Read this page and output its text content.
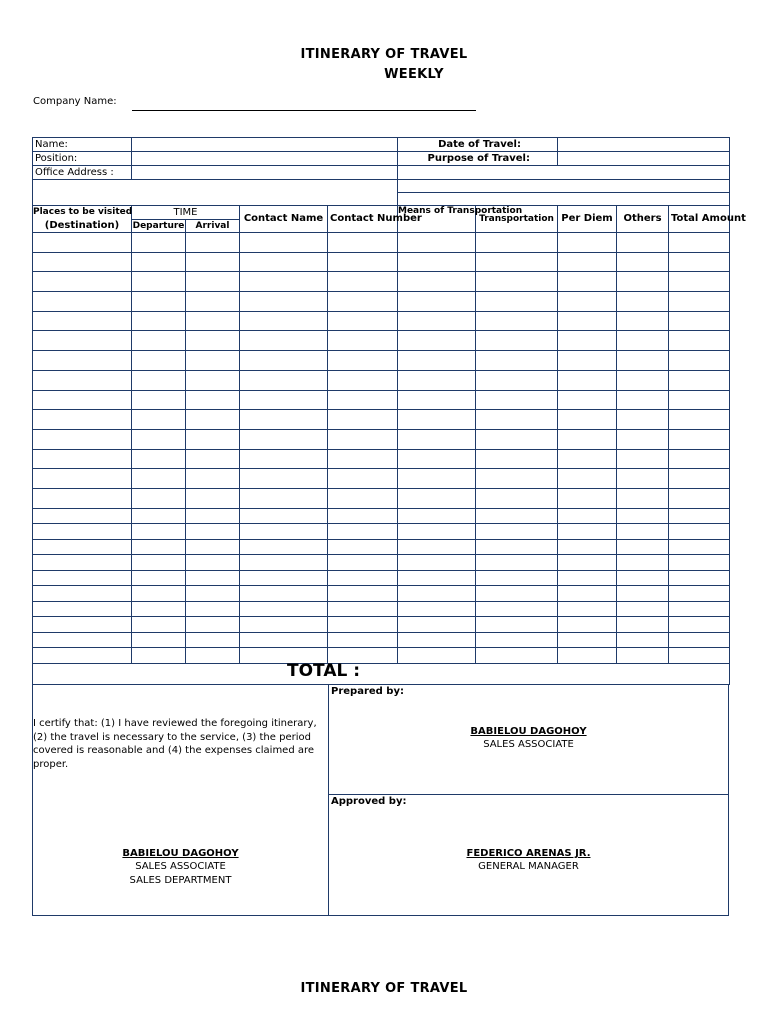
ITINERARY OF TRAVEL
WEEKLY
Company Name:
Name:					Date of Travel:				
Position:					Purpose of Travel:				
Office Address :									

Places to be visited
(Destination)	TIME		Contact Name	Contact Number	Means of Transportation	Transportation	Per Diem	Others	Total Amount
	Departure	Arrival							

TOTAL :									
I certify that: (1) I have reviewed the foregoing itinerary, (2) the travel is necessary to the service, (3) the period covered is reasonable and (4) the expenses claimed are proper.
BABIELOU DAGOHOY
SALES ASSOCIATE
SALES DEPARTMENT
Prepared by:
BABIELOU DAGOHOY
SALES ASSOCIATE
Approved by:
FEDERICO ARENAS JR.
GENERAL MANAGER
ITINERARY OF TRAVEL
